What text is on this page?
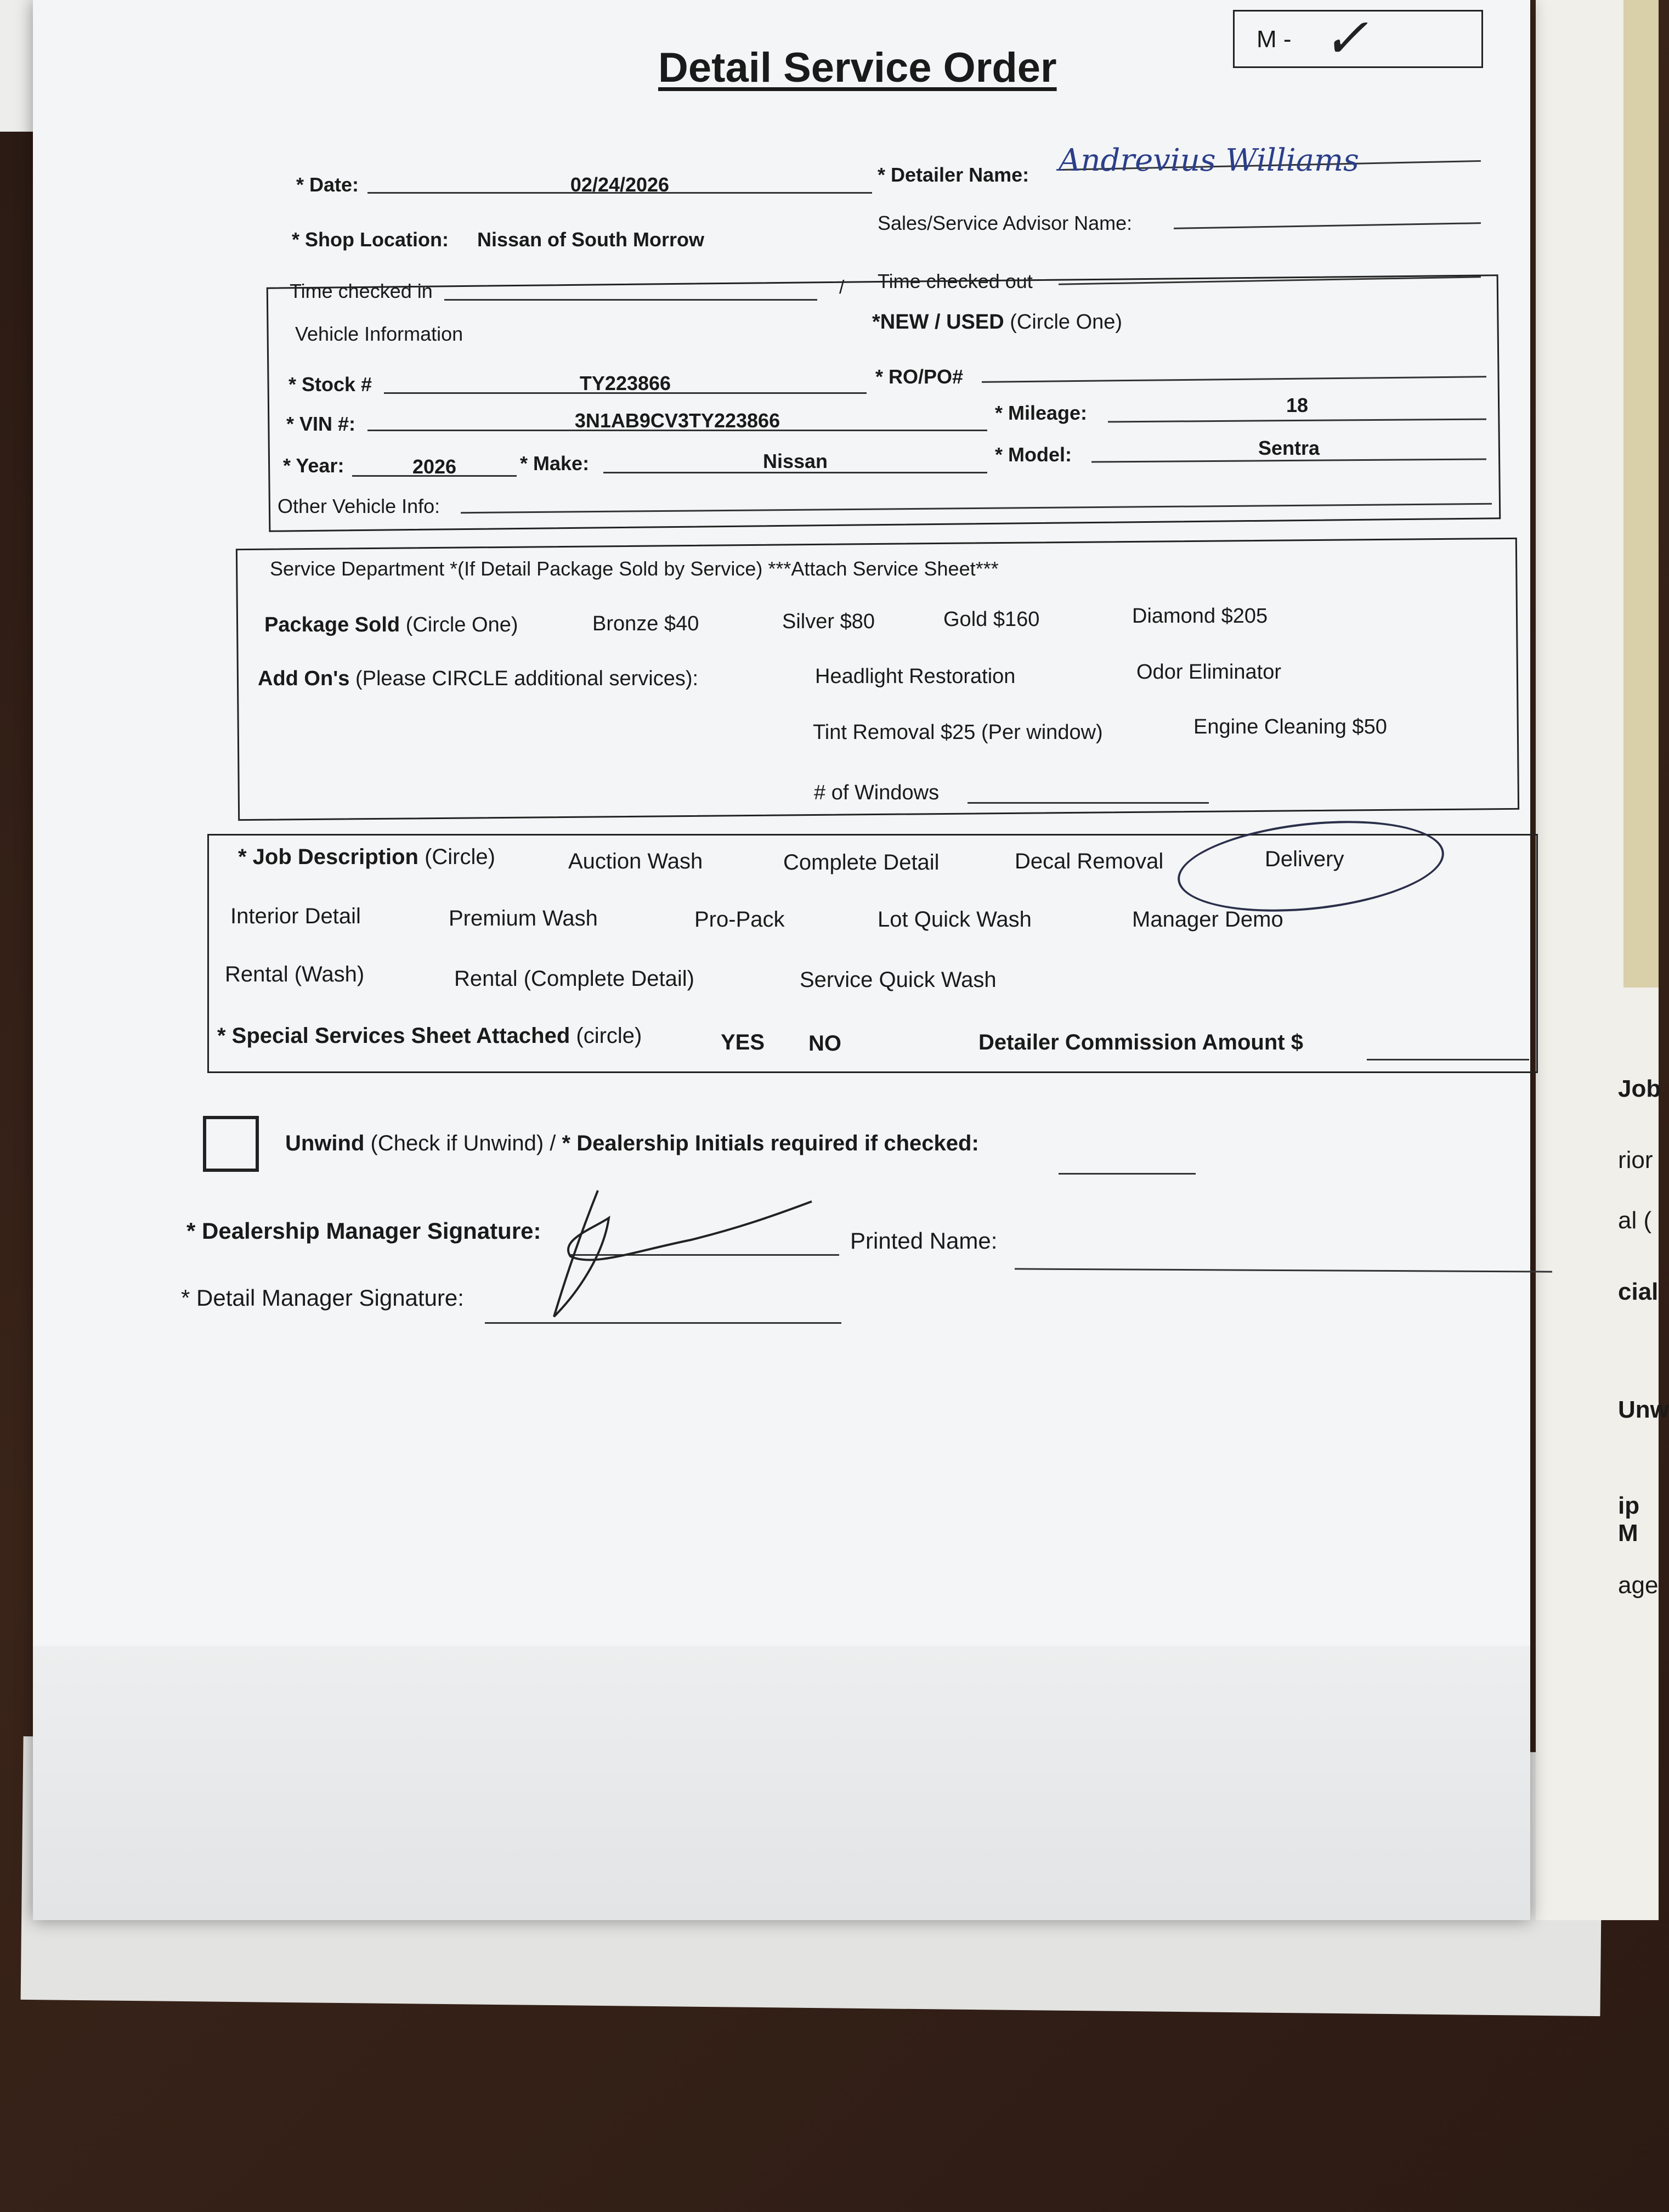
Job
rior
al (
cial
Unw
ip M
age
Detail Service Order
M - ✓
* Date:	02/24/2026	* Detailer Name: Andrevius Williams
* Shop Location: Nissan of South Morrow
Sales/Service Advisor Name:
Time checked in	/ Time checked out
Vehicle Information
*NEW / USED (Circle One)
* Stock #	TY223866	* RO/PO#
* VIN #:	3N1AB9CV3TY223866	* Mileage:	18
* Year:	2026	* Make:	Nissan	* Model:	Sentra
Other Vehicle Info:
Service Department *(If Detail Package Sold by Service) ***Attach Service Sheet***
Package Sold (Circle One)	Bronze $40	Silver $80	Gold $160	Diamond $205
Add On's (Please CIRCLE additional services):	Headlight Restoration	Odor Eliminator
Tint Removal $25 (Per window)	Engine Cleaning $50
# of Windows
* Job Description (Circle)	Auction Wash	Complete Detail	Decal Removal	Delivery
Interior Detail	Premium Wash	Pro-Pack	Lot Quick Wash	Manager Demo
Rental (Wash)	Rental (Complete Detail)	Service Quick Wash
* Special Services Sheet Attached (circle)	YES NO	Detailer Commission Amount $
Unwind (Check if Unwind) / * Dealership Initials required if checked:
* Dealership Manager Signature:	Printed Name:
* Detail Manager Signature:
